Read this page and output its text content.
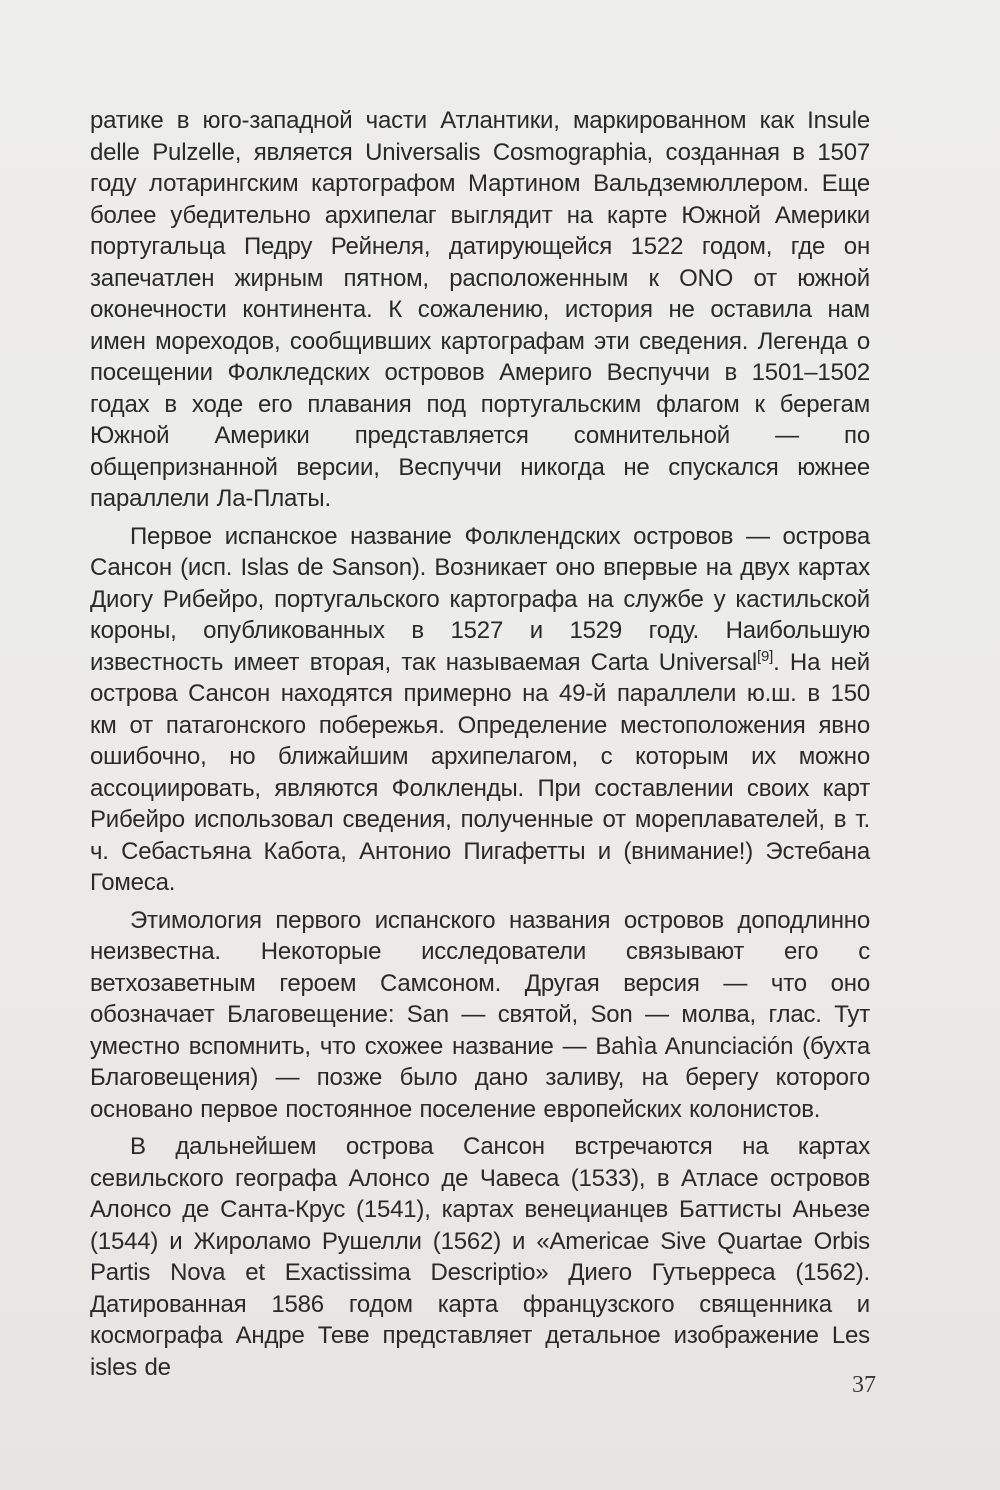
ратике в юго-западной части Атлантики, маркированном как Insule delle Pulzelle, является Universalis Cosmographia, созданная в 1507 году лотарингским картографом Мартином Вальдземюллером. Еще более убедительно архипелаг выглядит на карте Южной Америки португальца Педру Рейнеля, датирующейся 1522 годом, где он запечатлен жирным пятном, расположенным к ONO от южной оконечности континента. К сожалению, история не оставила нам имен мореходов, сообщивших картографам эти сведения. Легенда о посещении Фолкледских островов Америго Веспуччи в 1501–1502 годах в ходе его плавания под португальским флагом к берегам Южной Америки представляется сомнительной — по общепризнанной версии, Веспуччи никогда не спускался южнее параллели Ла-Платы.

Первое испанское название Фолклендских островов — острова Сансон (исп. Islas de Sanson). Возникает оно впервые на двух картах Диогу Рибейро, португальского картографа на службе у кастильской короны, опубликованных в 1527 и 1529 году. Наибольшую известность имеет вторая, так называемая Carta Universal[9]. На ней острова Сансон находятся примерно на 49-й параллели ю.ш. в 150 км от патагонского побережья. Определение местоположения явно ошибочно, но ближайшим архипелагом, с которым их можно ассоциировать, являются Фолкленды. При составлении своих карт Рибейро использовал сведения, полученные от мореплавателей, в т. ч. Себастьяна Кабота, Антонио Пигафетты и (внимание!) Эстебана Гомеса.

Этимология первого испанского названия островов доподлинно неизвестна. Некоторые исследователи связывают его с ветхозаветным героем Самсоном. Другая версия — что оно обозначает Благовещение: San — святой, Son — молва, глас. Тут уместно вспомнить, что схожее название — Bahìa Anunciación (бухта Благовещения) — позже было дано заливу, на берегу которого основано первое постоянное поселение европейских колонистов.

В дальнейшем острова Сансон встречаются на картах севильского географа Алонсо де Чавеса (1533), в Атласе островов Алонсо де Санта-Крус (1541), картах венецианцев Баттисты Аньезе (1544) и Жироламо Рушелли (1562) и «Americae Sive Quartae Orbis Partis Nova et Exactissima Descriptio» Диего Гутьерреса (1562). Датированная 1586 годом карта французского священника и космографа Андре Теве представляет детальное изображение Les isles de

37
